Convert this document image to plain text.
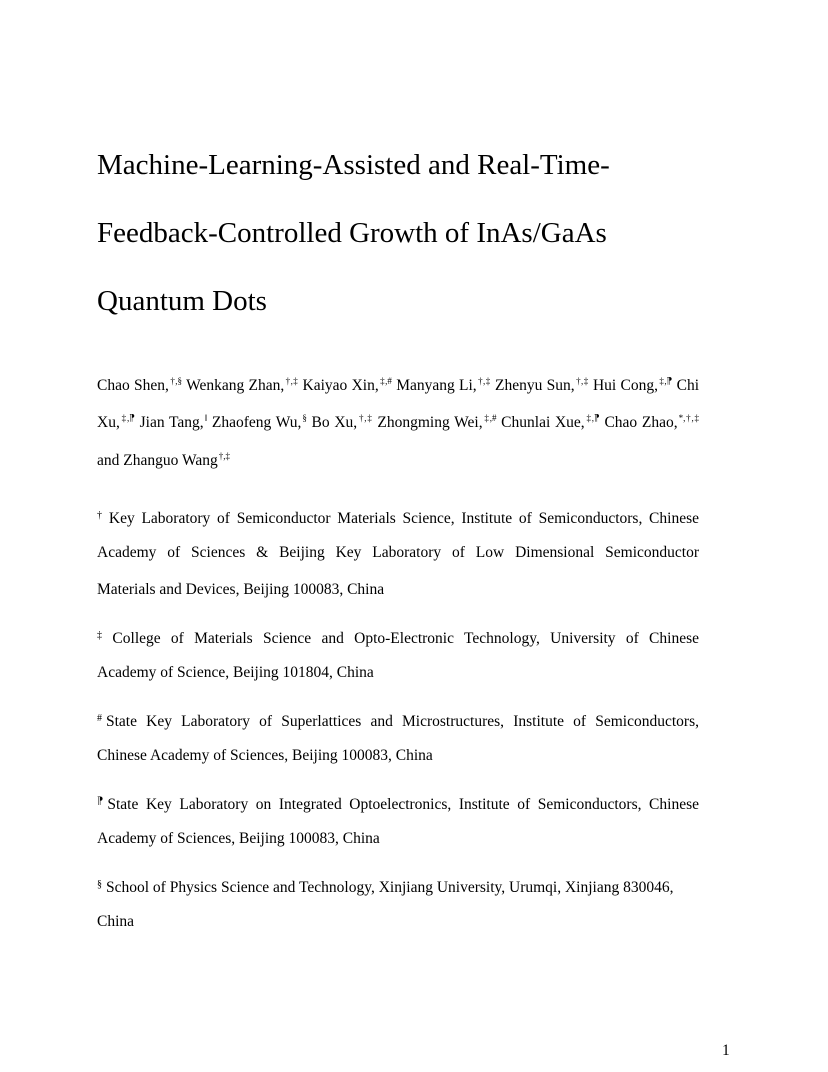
Machine-Learning-Assisted and Real-Time-
Feedback-Controlled Growth of InAs/GaAs
Quantum Dots
Chao Shen,†,§ Wenkang Zhan,†,‡ Kaiyao Xin,‡,# Manyang Li,†,‡ Zhenyu Sun,†,‡ Hui Cong,‡,⁋ Chi
Xu,‡,⁋ Jian Tang,‖ Zhaofeng Wu,§ Bo Xu,†,‡ Zhongming Wei,‡,# Chunlai Xue,‡,⁋ Chao Zhao,*,†,‡
and Zhanguo Wang†,‡
† Key Laboratory of Semiconductor Materials Science, Institute of Semiconductors, Chinese
Academy of Sciences & Beijing Key Laboratory of Low Dimensional Semiconductor
Materials and Devices, Beijing 100083, China
‡ College of Materials Science and Opto-Electronic Technology, University of Chinese
Academy of Science, Beijing 101804, China
# State Key Laboratory of Superlattices and Microstructures, Institute of Semiconductors,
Chinese Academy of Sciences, Beijing 100083, China
⁋ State Key Laboratory on Integrated Optoelectronics, Institute of Semiconductors, Chinese
Academy of Sciences, Beijing 100083, China
§ School of Physics Science and Technology, Xinjiang University, Urumqi, Xinjiang 830046,
China
1
